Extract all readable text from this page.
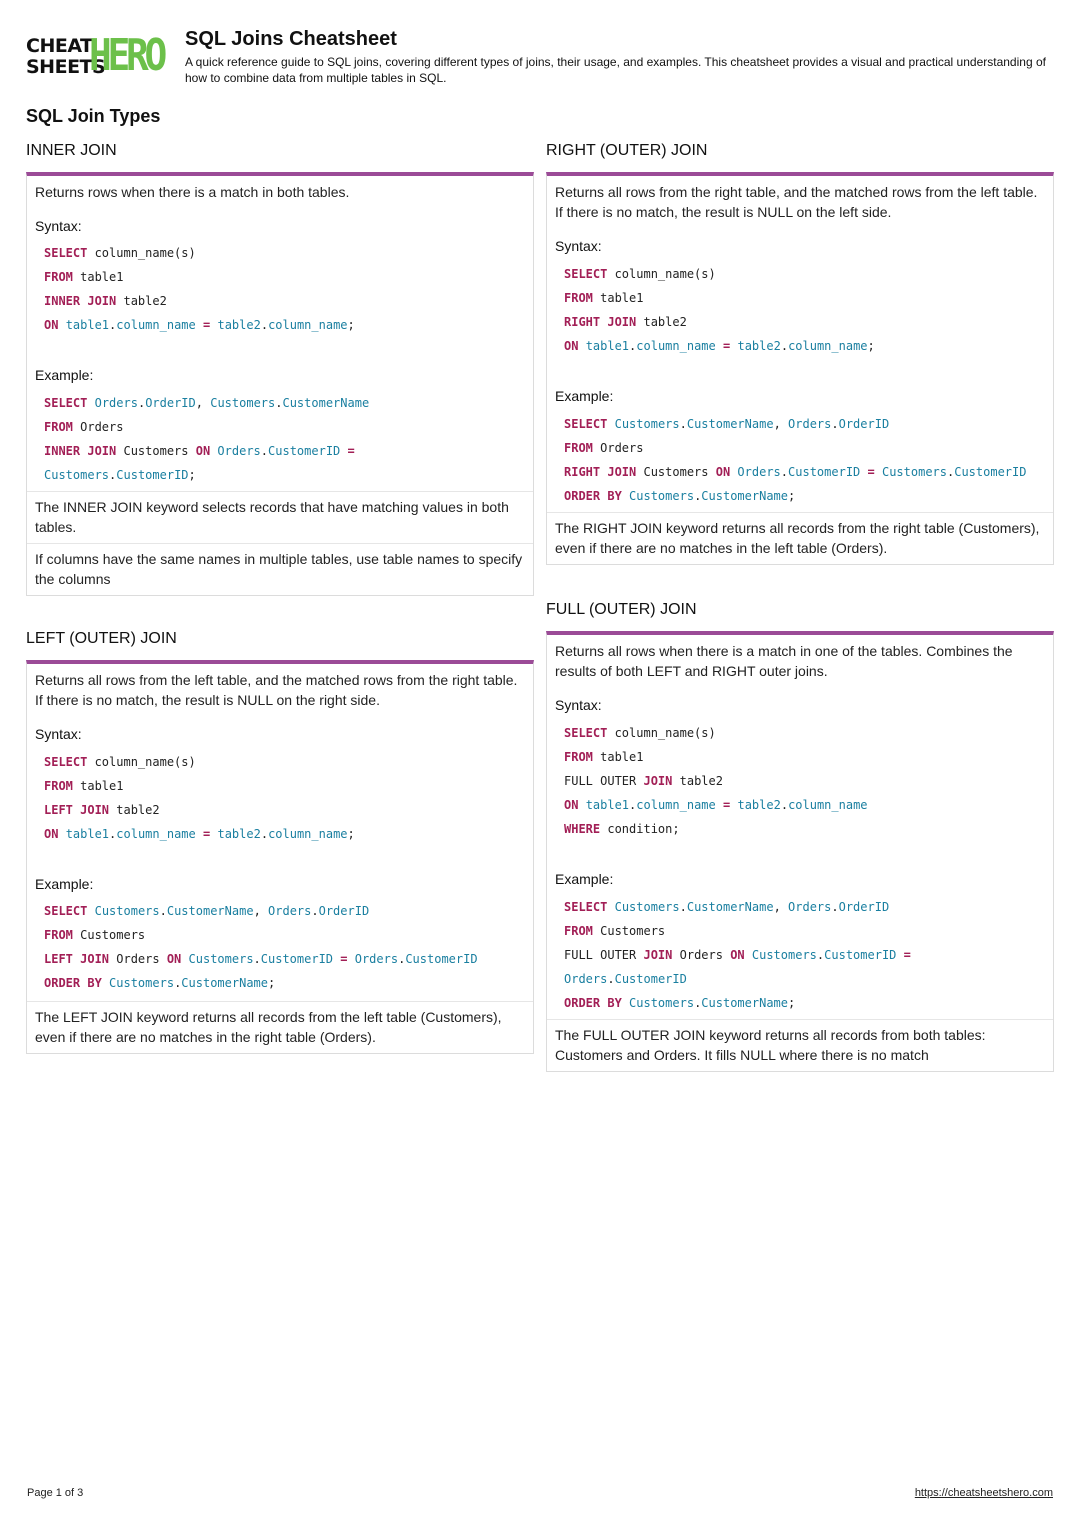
CHEAT
SHEETS
HERO SQL Joins Cheatsheet
A quick reference guide to SQL joins, covering different types of joins, their usage, and examples. This cheatsheet provides a visual and practical understanding of how to combine data from multiple tables in SQL.
SQL Join Types
INNER JOIN
Returns rows when there is a match in both tables.
Syntax:
SELECT column_name(s)
FROM table1
INNER JOIN table2
ON table1.column_name = table2.column_name;
Example:
SELECT Orders.OrderID, Customers.CustomerName
FROM Orders
INNER JOIN Customers ON Orders.CustomerID =
Customers.CustomerID;
The INNER JOIN keyword selects records that have matching values in both tables.
If columns have the same names in multiple tables, use table names to specify the columns
LEFT (OUTER) JOIN
Returns all rows from the left table, and the matched rows from the right table. If there is no match, the result is NULL on the right side.
Syntax:
SELECT column_name(s)
FROM table1
LEFT JOIN table2
ON table1.column_name = table2.column_name;
Example:
SELECT Customers.CustomerName, Orders.OrderID
FROM Customers
LEFT JOIN Orders ON Customers.CustomerID = Orders.CustomerID
ORDER BY Customers.CustomerName;
The LEFT JOIN keyword returns all records from the left table (Customers), even if there are no matches in the right table (Orders).
RIGHT (OUTER) JOIN
Returns all rows from the right table, and the matched rows from the left table. If there is no match, the result is NULL on the left side.
Syntax:
SELECT column_name(s)
FROM table1
RIGHT JOIN table2
ON table1.column_name = table2.column_name;
Example:
SELECT Customers.CustomerName, Orders.OrderID
FROM Orders
RIGHT JOIN Customers ON Orders.CustomerID = Customers.CustomerID
ORDER BY Customers.CustomerName;
The RIGHT JOIN keyword returns all records from the right table (Customers), even if there are no matches in the left table (Orders).
FULL (OUTER) JOIN
Returns all rows when there is a match in one of the tables. Combines the results of both LEFT and RIGHT outer joins.
Syntax:
SELECT column_name(s)
FROM table1
FULL OUTER JOIN table2
ON table1.column_name = table2.column_name
WHERE condition;
Example:
SELECT Customers.CustomerName, Orders.OrderID
FROM Customers
FULL OUTER JOIN Orders ON Customers.CustomerID =
Orders.CustomerID
ORDER BY Customers.CustomerName;
The FULL OUTER JOIN keyword returns all records from both tables: Customers and Orders. It fills NULL where there is no match
Page 1 of 3	https://cheatsheetshero.com
